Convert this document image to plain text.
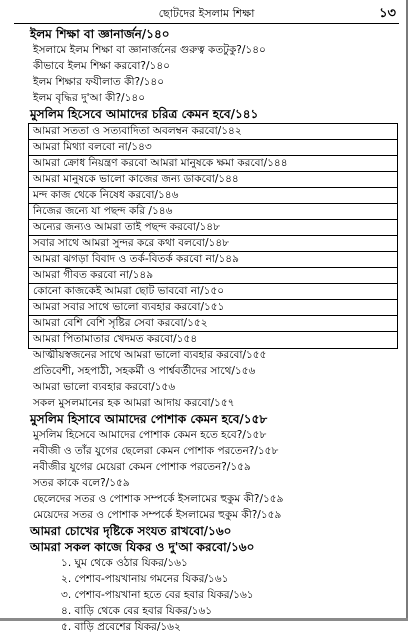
ছোটদের ইসলাম শিক্ষা	১৩
ইলম শিক্ষা বা জ্ঞানার্জন/১৪০
ইসলামে ইলম শিক্ষা বা জ্ঞানার্জনের গুরুত্ব কতটুকু?/১৪০
কীভাবে ইলম শিক্ষা করবো?/১৪০
ইলম শিক্ষার ফযীলাত কী?/১৪০
ইলম বৃদ্ধির দু'আ কী?/১৪০
মুসলিম হিসেবে আমাদের চরিত্র কেমন হবে/১৪১
আমরা সততা ও সত্যবাদিতা অবলম্বন করবো/১৪২
আমরা মিথ্যা বলবো না/১৪৩
আমরা ক্রোধ নিয়ন্ত্রণ করবো আমরা মানুষকে ক্ষমা করবো/১৪৪
আমরা মানুষকে ভালো কাজের জন্য ডাকবো/১৪৪
মন্দ কাজ থেকে নিষেধ করবো/১৪৬
নিজের জন্যে যা পছন্দ করি /১৪৬
অন্যের জন্যও আমরা তাই পছন্দ করবো/১৪৮
সবার সাথে আমরা সুন্দর করে কথা বলবো/১৪৮
আমরা ঝগড়া বিবাদ ও তর্ক-বিতর্ক করবো না/১৪৯
আমরা গীবত করবো না/১৪৯
কোনো কাজকেই আমরা ছোট ভাববো না/১৫০
আমরা সবার সাথে ভালো ব্যবহার করবো/১৫১
আমরা বেশি বেশি সৃষ্টির সেবা করবো/১৫২
আমরা পিতামাতার খেদমত করবো/১৫৪
আত্মীয়স্বজনের সাথে আমরা ভালো ব্যবহার করবো/১৫৫
প্রতিবেশী, সহপাঠী, সহকর্মী ও পার্শ্ববর্তীদের সাথে/১৫৬
আমরা ভালো ব্যবহার করবো/১৫৬
সকল মুসলমানের হক আমরা আদায় করবো/১৫৭
মুসলিম হিসাবে আমাদের পোশাক কেমন হবে/১৫৮
মুসলিম হিসেবে আমাদের পোশাক কেমন হতে হবে?/১৫৮
নবীজী ও তাঁর যুগের ছেলেরা কেমন পোশাক পরতেন?/১৫৮
নবীজীর যুগের মেয়েরা কেমন পোশাক পরতেন?/১৫৯
সতর কাকে বলে?/১৫৯
ছেলেদের সতর ও পোশাক সম্পর্কে ইসলামের হুকুম কী?/১৫৯
মেয়েদের সতর ও পোশাক সম্পর্কে ইসলামের হুকুম কী?/১৫৯
আমরা চোখের দৃষ্টিকে সংযত রাখবো/১৬০
আমরা সকল কাজে যিকর ও দু'আ করবো/১৬০
১. ঘুম থেকে ওঠার যিকর/১৬১
২. পেশাব-পায়খানায় গমনের যিকর/১৬১
৩. পেশাব-পায়খানা হতে বের হবার যিকর/১৬১
৪. বাড়ি থেকে বের হবার যিকর/১৬১
৫. বাড়ি প্রবেশের যিকর/১৬২
